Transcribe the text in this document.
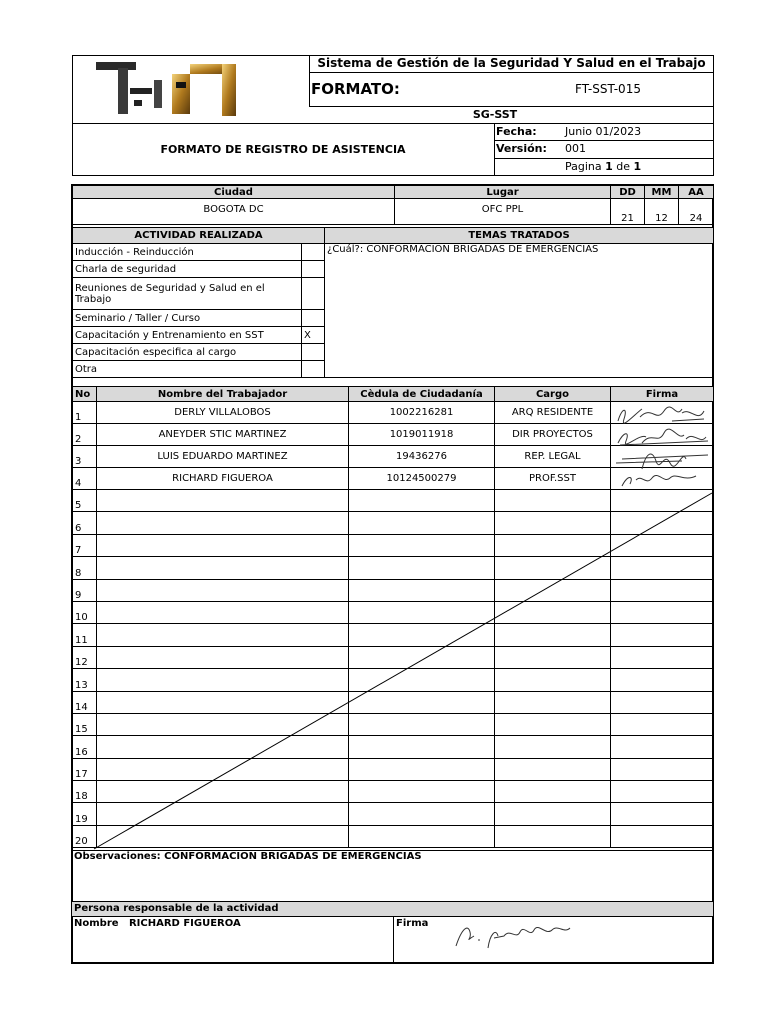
Sistema de Gestión de la Seguridad Y Salud en el Trabajo
FORMATO:	FT-SST-015
SG-SST
FORMATO DE REGISTRO DE ASISTENCIA
Fecha:	Junio 01/2023
Versión: 001
Pagina 1 de 1
Ciudad	Lugar	DD	MM	AA
BOGOTA DC	OFC PPL	21	12	24
ACTIVIDAD REALIZADA		TEMAS TRATADOS
Inducción - Reinducción		¿Cuál?: CONFORMACION BRIGADAS DE EMERGENCIAS
Charla de seguridad		
Reuniones de Seguridad y Salud en el Trabajo		
Seminario / Taller / Curso		
Capacitación y Entrenamiento en SST	X	
Capacitación especifica al cargo		
Otra		
No	Nombre del Trabajador	Cèdula de Ciudadanía	Cargo	Firma
1	DERLY VILLALOBOS	1002216281	ARQ RESIDENTE	
2	ANEYDER STIC MARTINEZ	1019011918	DIR PROYECTOS	
3	LUIS EDUARDO MARTINEZ	19436276	REP. LEGAL	
4	RICHARD FIGUEROA	10124500279	PROF.SST	
5				
6				
7				
8				
9				
10				
11				
12				
13				
14				
15				
16				
17				
18				
19				
20				
Observaciones: CONFORMACION BRIGADAS DE EMERGENCIAS
Persona responsable de la actividad
Nombre RICHARD FIGUEROA	Firma
